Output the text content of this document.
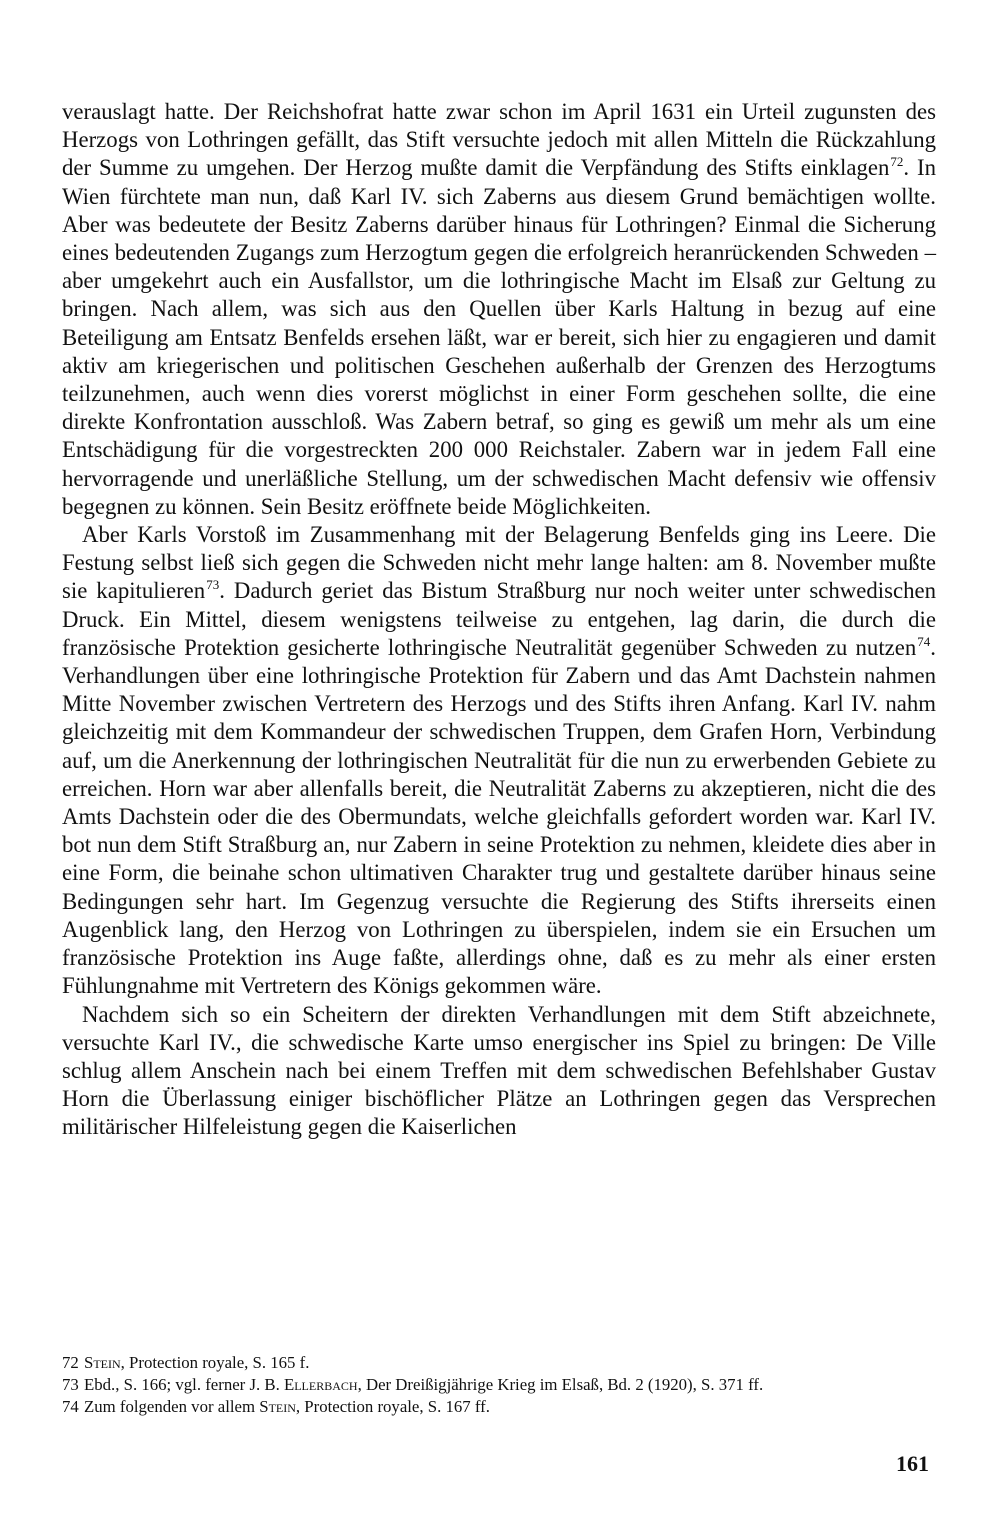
verauslagt hatte. Der Reichshofrat hatte zwar schon im April 1631 ein Urteil zugunsten des Herzogs von Lothringen gefällt, das Stift versuchte jedoch mit allen Mitteln die Rückzahlung der Summe zu umgehen. Der Herzog mußte damit die Verpfändung des Stifts einklagen$^{72}$. In Wien fürchtete man nun, daß Karl IV. sich Zaberns aus diesem Grund bemächtigen wollte. Aber was bedeutete der Besitz Zaberns darüber hinaus für Lothringen? Einmal die Sicherung eines bedeutenden Zugangs zum Herzogtum gegen die erfolgreich heranrückenden Schweden – aber umgekehrt auch ein Ausfallstor, um die lothringische Macht im Elsaß zur Geltung zu bringen. Nach allem, was sich aus den Quellen über Karls Haltung in bezug auf eine Beteiligung am Entsatz Benfelds ersehen läßt, war er bereit, sich hier zu engagieren und damit aktiv am kriegerischen und politischen Geschehen außerhalb der Grenzen des Herzogtums teilzunehmen, auch wenn dies vorerst möglichst in einer Form geschehen sollte, die eine direkte Konfrontation ausschloß. Was Zabern betraf, so ging es gewiß um mehr als um eine Entschädigung für die vorgestreckten 200 000 Reichstaler. Zabern war in jedem Fall eine hervorragende und unerläßliche Stellung, um der schwedischen Macht defensiv wie offensiv begegnen zu können. Sein Besitz eröffnete beide Möglichkeiten.

Aber Karls Vorstoß im Zusammenhang mit der Belagerung Benfelds ging ins Leere. Die Festung selbst ließ sich gegen die Schweden nicht mehr lange halten: am 8. November mußte sie kapitulieren$^{73}$. Dadurch geriet das Bistum Straßburg nur noch weiter unter schwedischen Druck. Ein Mittel, diesem wenigstens teilweise zu entgehen, lag darin, die durch die französische Protektion gesicherte lothringische Neutralität gegenüber Schweden zu nutzen$^{74}$. Verhandlungen über eine lothringische Protektion für Zabern und das Amt Dachstein nahmen Mitte November zwischen Vertretern des Herzogs und des Stifts ihren Anfang. Karl IV. nahm gleichzeitig mit dem Kommandeur der schwedischen Truppen, dem Grafen Horn, Verbindung auf, um die Anerkennung der lothringischen Neutralität für die nun zu erwerbenden Gebiete zu erreichen. Horn war aber allenfalls bereit, die Neutralität Zaberns zu akzeptieren, nicht die des Amts Dachstein oder die des Obermundats, welche gleichfalls gefordert worden war. Karl IV. bot nun dem Stift Straßburg an, nur Zabern in seine Protektion zu nehmen, kleidete dies aber in eine Form, die beinahe schon ultimativen Charakter trug und gestaltete darüber hinaus seine Bedingungen sehr hart. Im Gegenzug versuchte die Regierung des Stifts ihrerseits einen Augenblick lang, den Herzog von Lothringen zu überspielen, indem sie ein Ersuchen um französische Protektion ins Auge faßte, allerdings ohne, daß es zu mehr als einer ersten Fühlungnahme mit Vertretern des Königs gekommen wäre.

Nachdem sich so ein Scheitern der direkten Verhandlungen mit dem Stift abzeichnete, versuchte Karl IV., die schwedische Karte umso energischer ins Spiel zu bringen: De Ville schlug allem Anschein nach bei einem Treffen mit dem schwedischen Befehlshaber Gustav Horn die Überlassung einiger bischöflicher Plätze an Lothringen gegen das Versprechen militärischer Hilfeleistung gegen die Kaiserlichen

72 Stein, Protection royale, S. 165 f.
73 Ebd., S. 166; vgl. ferner J. B. Ellerbach, Der Dreißigjährige Krieg im Elsaß, Bd. 2 (1920), S. 371 ff.
74 Zum folgenden vor allem Stein, Protection royale, S. 167 ff.
161
